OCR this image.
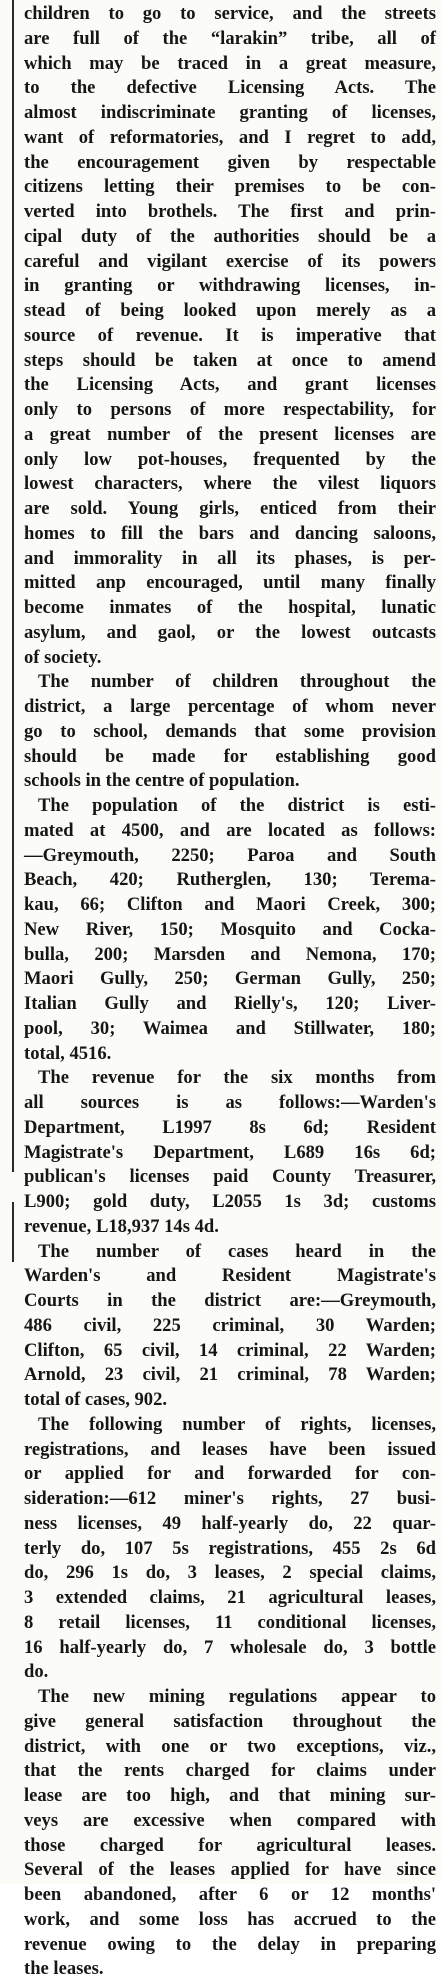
children to go to service, and the streets
are full of the “larakin” tribe, all of
which may be traced in a great measure,
to the defective Licensing Acts. The
almost indiscriminate granting of licenses,
want of reformatories, and I regret to add,
the encouragement given by respectable
citizens letting their premises to be con-
verted into brothels. The first and prin-
cipal duty of the authorities should be a
careful and vigilant exercise of its powers
in granting or withdrawing licenses, in-
stead of being looked upon merely as a
source of revenue. It is imperative that
steps should be taken at once to amend
the Licensing Acts, and grant licenses
only to persons of more respectability, for
a great number of the present licenses are
only low pot-houses, frequented by the
lowest characters, where the vilest liquors
are sold. Young girls, enticed from their
homes to fill the bars and dancing saloons,
and immorality in all its phases, is per-
mitted anp encouraged, until many finally
become inmates of the hospital, lunatic
asylum, and gaol, or the lowest outcasts
of society.
The number of children throughout the
district, a large percentage of whom never
go to school, demands that some provision
should be made for establishing good
schools in the centre of population.
The population of the district is esti-
mated at 4500, and are located as follows:
—Greymouth, 2250; Paroa and South
Beach, 420; Rutherglen, 130; Terema-
kau, 66; Clifton and Maori Creek, 300;
New River, 150; Mosquito and Cocka-
bulla, 200; Marsden and Nemona, 170;
Maori Gully, 250; German Gully, 250;
Italian Gully and Rielly's, 120; Liver-
pool, 30; Waimea and Stillwater, 180;
total, 4516.
The revenue for the six months from
all sources is as follows:—Warden's
Department, L1997 8s 6d; Resident
Magistrate's Department, L689 16s 6d;
publican's licenses paid County Treasurer,
L900; gold duty, L2055 1s 3d; customs
revenue, L18,937 14s 4d.
The number of cases heard in the
Warden's and Resident Magistrate's
Courts in the district are:—Greymouth,
486 civil, 225 criminal, 30 Warden;
Clifton, 65 civil, 14 criminal, 22 Warden;
Arnold, 23 civil, 21 criminal, 78 Warden;
total of cases, 902.
The following number of rights, licenses,
registrations, and leases have been issued
or applied for and forwarded for con-
sideration:—612 miner's rights, 27 busi-
ness licenses, 49 half-yearly do, 22 quar-
terly do, 107 5s registrations, 455 2s 6d
do, 296 1s do, 3 leases, 2 special claims,
3 extended claims, 21 agricultural leases,
8 retail licenses, 11 conditional licenses,
16 half-yearly do, 7 wholesale do, 3 bottle
do.
The new mining regulations appear to
give general satisfaction throughout the
district, with one or two exceptions, viz.,
that the rents charged for claims under
lease are too high, and that mining sur-
veys are excessive when compared with
those charged for agricultural leases.
Several of the leases applied for have since
been abandoned, after 6 or 12 months'
work, and some loss has accrued to the
revenue owing to the delay in preparing
the leases.
